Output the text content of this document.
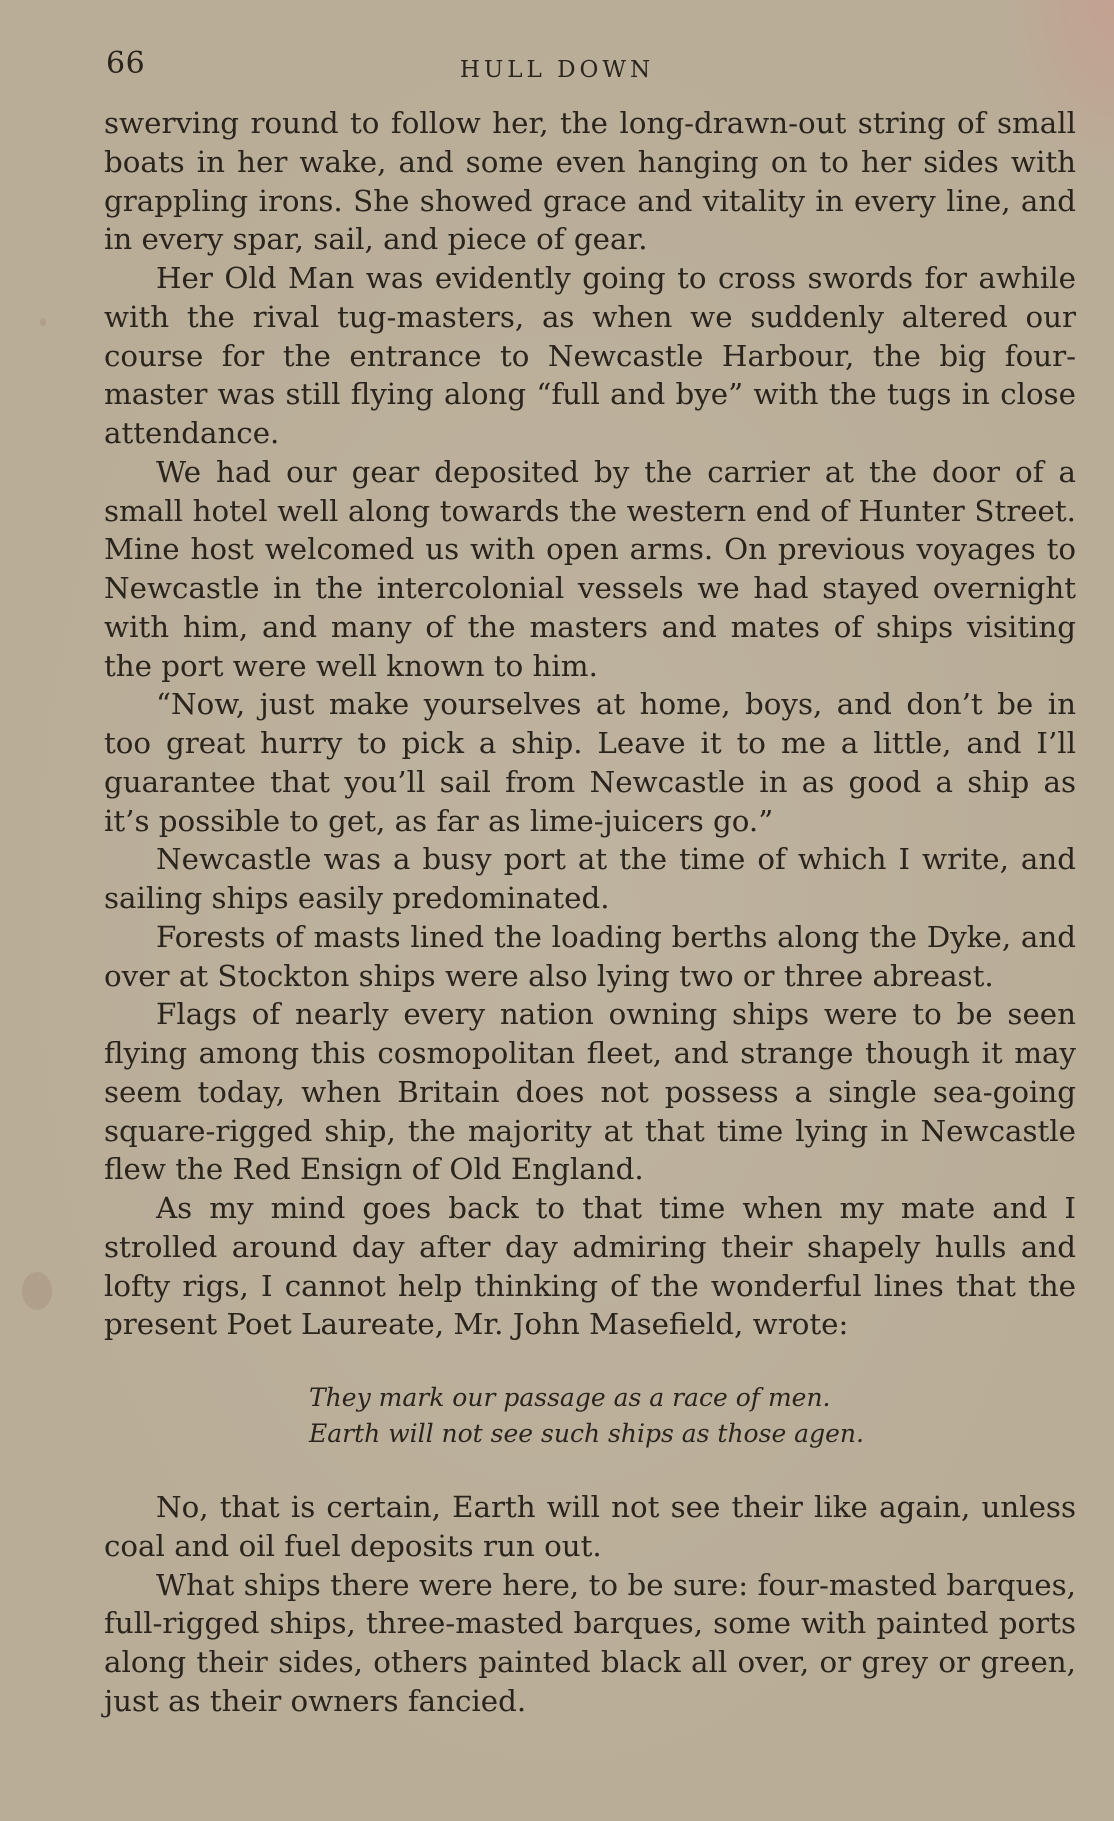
66	HULL DOWN

swerving round to follow her, the long-drawn-out string of small boats in her wake, and some even hanging on to her sides with grappling irons. She showed grace and vitality in every line, and in every spar, sail, and piece of gear.

Her Old Man was evidently going to cross swords for awhile with the rival tug-masters, as when we suddenly altered our course for the entrance to Newcastle Harbour, the big four-master was still flying along “full and bye” with the tugs in close attendance.

We had our gear deposited by the carrier at the door of a small hotel well along towards the western end of Hunter Street. Mine host welcomed us with open arms. On previous voyages to Newcastle in the intercolonial vessels we had stayed overnight with him, and many of the masters and mates of ships visiting the port were well known to him.

“Now, just make yourselves at home, boys, and don’t be in too great hurry to pick a ship. Leave it to me a little, and I’ll guarantee that you’ll sail from Newcastle in as good a ship as it’s possible to get, as far as lime-juicers go.”

Newcastle was a busy port at the time of which I write, and sailing ships easily predominated.

Forests of masts lined the loading berths along the Dyke, and over at Stockton ships were also lying two or three abreast.

Flags of nearly every nation owning ships were to be seen flying among this cosmopolitan fleet, and strange though it may seem today, when Britain does not possess a single sea-going square-rigged ship, the majority at that time lying in Newcastle flew the Red Ensign of Old England.

As my mind goes back to that time when my mate and I strolled around day after day admiring their shapely hulls and lofty rigs, I cannot help thinking of the wonderful lines that the present Poet Laureate, Mr. John Masefield, wrote:

They mark our passage as a race of men.
Earth will not see such ships as those agen.

No, that is certain, Earth will not see their like again, unless coal and oil fuel deposits run out.

What ships there were here, to be sure: four-masted barques, full-rigged ships, three-masted barques, some with painted ports along their sides, others painted black all over, or grey or green, just as their owners fancied.
